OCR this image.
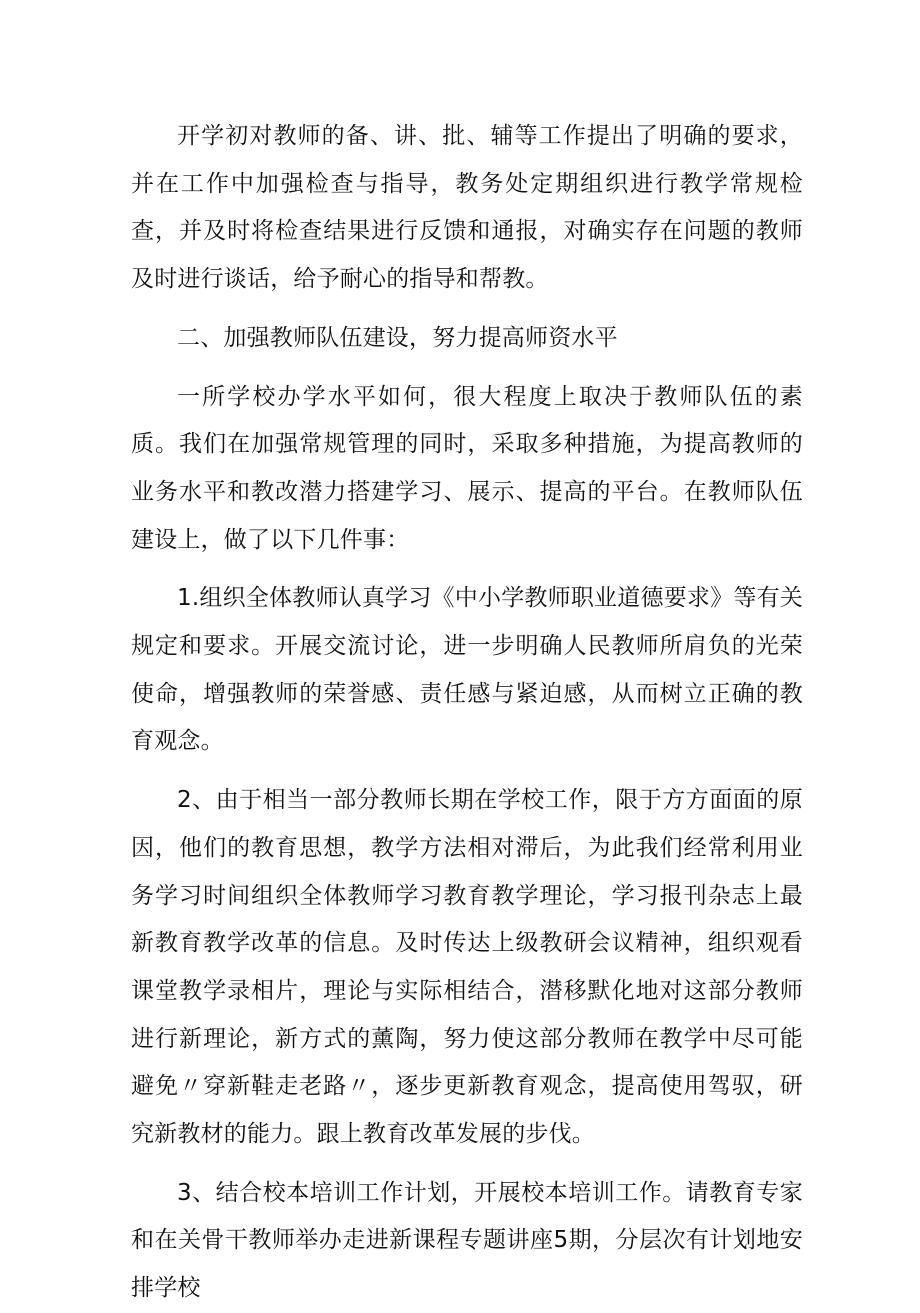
开学初对教师的备、讲、批、辅等工作提出了明确的要求，并在工作中加强检查与指导，教务处定期组织进行教学常规检查，并及时将检查结果进行反馈和通报，对确实存在问题的教师及时进行谈话，给予耐心的指导和帮教。

二、加强教师队伍建设，努力提高师资水平

一所学校办学水平如何，很大程度上取决于教师队伍的素质。我们在加强常规管理的同时，采取多种措施，为提高教师的业务水平和教改潜力搭建学习、展示、提高的平台。在教师队伍建设上，做了以下几件事：

1.组织全体教师认真学习《中小学教师职业道德要求》等有关规定和要求。开展交流讨论，进一步明确人民教师所肩负的光荣使命，增强教师的荣誉感、责任感与紧迫感，从而树立正确的教育观念。

2、由于相当一部分教师长期在学校工作，限于方方面面的原因，他们的教育思想，教学方法相对滞后，为此我们经常利用业务学习时间组织全体教师学习教育教学理论，学习报刊杂志上最新教育教学改革的信息。及时传达上级教研会议精神，组织观看课堂教学录相片，理论与实际相结合，潜移默化地对这部分教师进行新理论，新方式的薰陶，努力使这部分教师在教学中尽可能避免〃穿新鞋走老路〃，逐步更新教育观念，提高使用驾驭，研究新教材的能力。跟上教育改革发展的步伐。

3、结合校本培训工作计划，开展校本培训工作。请教育专家和在关骨干教师举办走进新课程专题讲座5期，分层次有计划地安排学校
